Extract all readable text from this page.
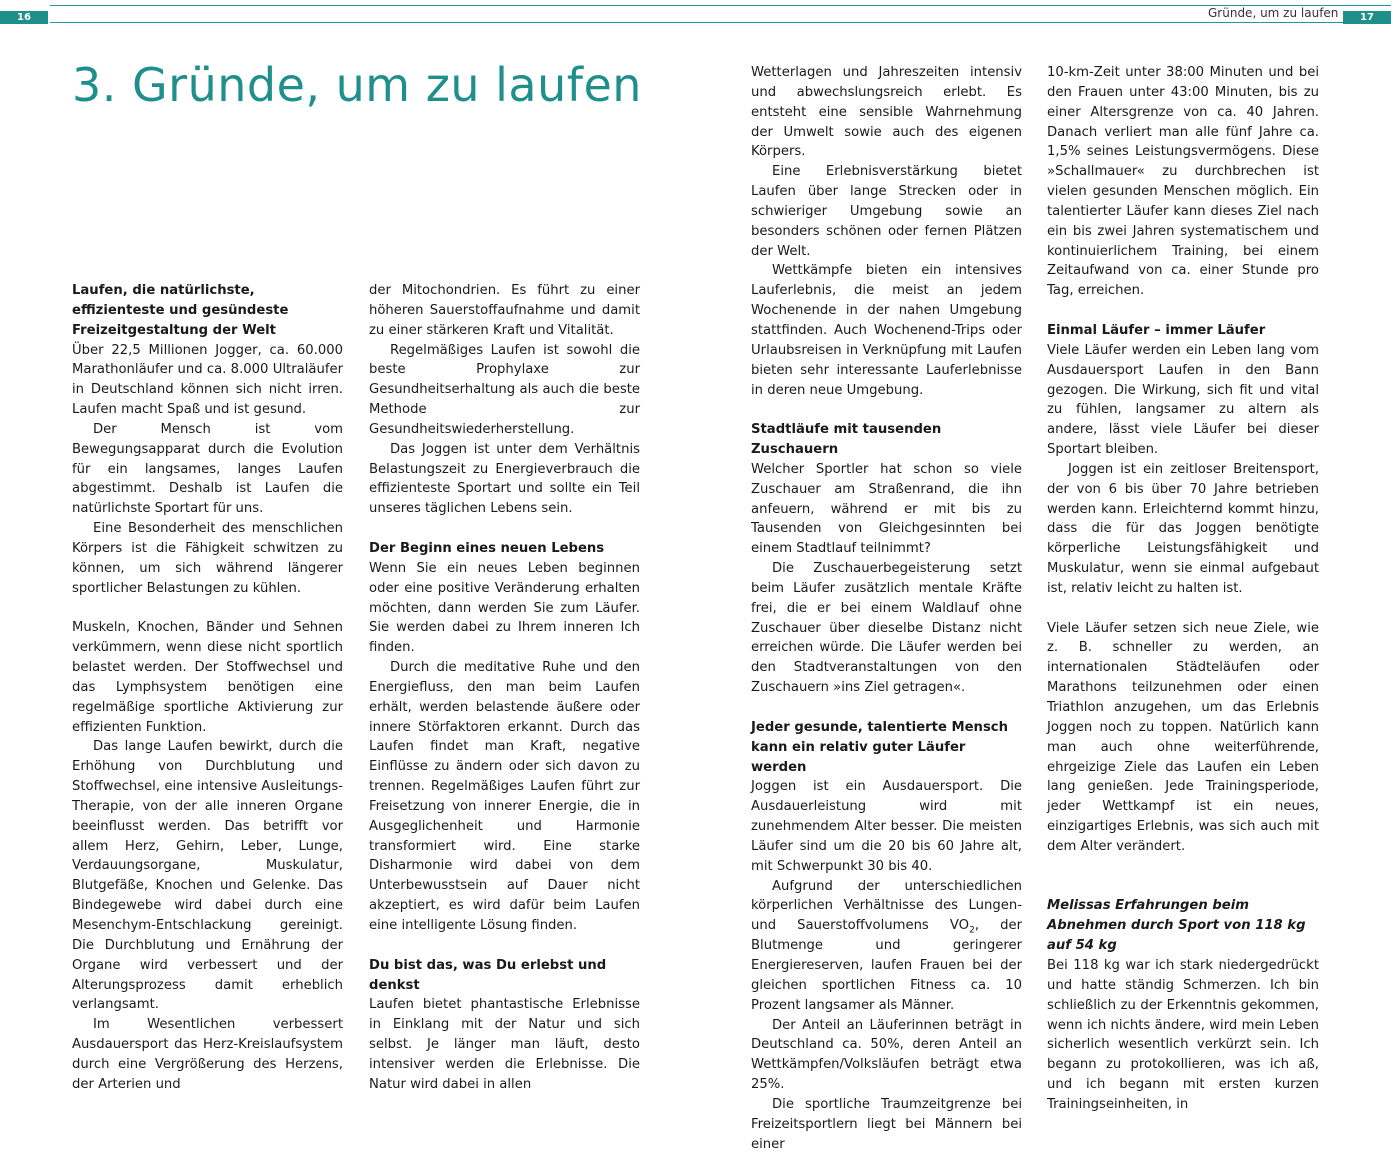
16	17
Gründe, um zu laufen
3. Gründe, um zu laufen

Laufen, die natürlichste, effizienteste und gesündeste Freizeitgestaltung der Welt

Über 22,5 Millionen Jogger, ca. 60.000 Marathonläufer und ca. 8.000 Ultraläufer in Deutschland können sich nicht irren. Laufen macht Spaß und ist gesund.

Der Mensch ist vom Bewegungsapparat durch die Evolution für ein langsames, langes Laufen abgestimmt. Deshalb ist Laufen die natürlichste Sportart für uns.

Eine Besonderheit des menschlichen Körpers ist die Fähigkeit schwitzen zu können, um sich während längerer sportlicher Belastungen zu kühlen.

Muskeln, Knochen, Bänder und Sehnen verkümmern, wenn diese nicht sportlich belastet werden. Der Stoffwechsel und das Lymphsystem benötigen eine regelmäßige sportliche Aktivierung zur effizienten Funktion.

Das lange Laufen bewirkt, durch die Erhöhung von Durchblutung und Stoffwechsel, eine intensive Ausleitungs-Therapie, von der alle inneren Organe beeinflusst werden. Das betrifft vor allem Herz, Gehirn, Leber, Lunge, Verdauungsorgane, Muskulatur, Blutgefäße, Knochen und Gelenke. Das Bindegewebe wird dabei durch eine Mesenchym-Entschlackung gereinigt. Die Durchblutung und Ernährung der Organe wird verbessert und der Alterungsprozess damit erheblich verlangsamt.

Im Wesentlichen verbessert Ausdauersport das Herz-Kreislaufsystem durch eine Vergrößerung des Herzens, der Arterien und

der Mitochondrien. Es führt zu einer höheren Sauerstoffaufnahme und damit zu einer stärkeren Kraft und Vitalität.

Regelmäßiges Laufen ist sowohl die beste Prophylaxe zur Gesundheitserhaltung als auch die beste Methode zur Gesundheitswiederherstellung.

Das Joggen ist unter dem Verhältnis Belastungszeit zu Energieverbrauch die effizienteste Sportart und sollte ein Teil unseres täglichen Lebens sein.

Der Beginn eines neuen Lebens

Wenn Sie ein neues Leben beginnen oder eine positive Veränderung erhalten möchten, dann werden Sie zum Läufer. Sie werden dabei zu Ihrem inneren Ich finden.

Durch die meditative Ruhe und den Energiefluss, den man beim Laufen erhält, werden belastende äußere oder innere Störfaktoren erkannt. Durch das Laufen findet man Kraft, negative Einflüsse zu ändern oder sich davon zu trennen. Regelmäßiges Laufen führt zur Freisetzung von innerer Energie, die in Ausgeglichenheit und Harmonie transformiert wird. Eine starke Disharmonie wird dabei von dem Unterbewusstsein auf Dauer nicht akzeptiert, es wird dafür beim Laufen eine intelligente Lösung finden.

Du bist das, was Du erlebst und denkst

Laufen bietet phantastische Erlebnisse in Einklang mit der Natur und sich selbst. Je länger man läuft, desto intensiver werden die Erlebnisse. Die Natur wird dabei in allen

Wetterlagen und Jahreszeiten intensiv und abwechslungsreich erlebt. Es entsteht eine sensible Wahrnehmung der Umwelt sowie auch des eigenen Körpers.

Eine Erlebnisverstärkung bietet Laufen über lange Strecken oder in schwieriger Umgebung sowie an besonders schönen oder fernen Plätzen der Welt.

Wettkämpfe bieten ein intensives Lauferlebnis, die meist an jedem Wochenende in der nahen Umgebung stattfinden. Auch Wochenend-Trips oder Urlaubsreisen in Verknüpfung mit Laufen bieten sehr interessante Lauferlebnisse in deren neue Umgebung.

Stadtläufe mit tausenden Zuschauern

Welcher Sportler hat schon so viele Zuschauer am Straßenrand, die ihn anfeuern, während er mit bis zu Tausenden von Gleichgesinnten bei einem Stadtlauf teilnimmt?

Die Zuschauerbegeisterung setzt beim Läufer zusätzlich mentale Kräfte frei, die er bei einem Waldlauf ohne Zuschauer über dieselbe Distanz nicht erreichen würde. Die Läufer werden bei den Stadtveranstaltungen von den Zuschauern »ins Ziel getragen«.

Jeder gesunde, talentierte Mensch kann ein relativ guter Läufer werden

Joggen ist ein Ausdauersport. Die Ausdauerleistung wird mit zunehmendem Alter besser. Die meisten Läufer sind um die 20 bis 60 Jahre alt, mit Schwerpunkt 30 bis 40.

Aufgrund der unterschiedlichen körperlichen Verhältnisse des Lungen- und Sauerstoffvolumens $VO_2$, der Blutmenge und geringerer Energiereserven, laufen Frauen bei der gleichen sportlichen Fitness ca. 10 Prozent langsamer als Männer.

Der Anteil an Läuferinnen beträgt in Deutschland ca. 50%, deren Anteil an Wettkämpfen/Volksläufen beträgt etwa 25%.

Die sportliche Traumzeitgrenze bei Freizeitsportlern liegt bei Männern bei einer

10-km-Zeit unter 38:00 Minuten und bei den Frauen unter 43:00 Minuten, bis zu einer Altersgrenze von ca. 40 Jahren. Danach verliert man alle fünf Jahre ca. 1,5% seines Leistungsvermögens. Diese »Schallmauer« zu durchbrechen ist vielen gesunden Menschen möglich. Ein talentierter Läufer kann dieses Ziel nach ein bis zwei Jahren systematischem und kontinuierlichem Training, bei einem Zeitaufwand von ca. einer Stunde pro Tag, erreichen.

Einmal Läufer – immer Läufer

Viele Läufer werden ein Leben lang vom Ausdauersport Laufen in den Bann gezogen. Die Wirkung, sich fit und vital zu fühlen, langsamer zu altern als andere, lässt viele Läufer bei dieser Sportart bleiben.

Joggen ist ein zeitloser Breitensport, der von 6 bis über 70 Jahre betrieben werden kann. Erleichternd kommt hinzu, dass die für das Joggen benötigte körperliche Leistungsfähigkeit und Muskulatur, wenn sie einmal aufgebaut ist, relativ leicht zu halten ist.

Viele Läufer setzen sich neue Ziele, wie z. B. schneller zu werden, an internationalen Städteläufen oder Marathons teilzunehmen oder einen Triathlon anzugehen, um das Erlebnis Joggen noch zu toppen. Natürlich kann man auch ohne weiterführende, ehrgeizige Ziele das Laufen ein Leben lang genießen. Jede Trainingsperiode, jeder Wettkampf ist ein neues, einzigartiges Erlebnis, was sich auch mit dem Alter verändert.

Melissas Erfahrungen beim Abnehmen durch Sport von 118 kg auf 54 kg

Bei 118 kg war ich stark niedergedrückt und hatte ständig Schmerzen. Ich bin schließlich zu der Erkenntnis gekommen, wenn ich nichts ändere, wird mein Leben sicherlich wesentlich verkürzt sein. Ich begann zu protokollieren, was ich aß, und ich begann mit ersten kurzen Trainingseinheiten, in
